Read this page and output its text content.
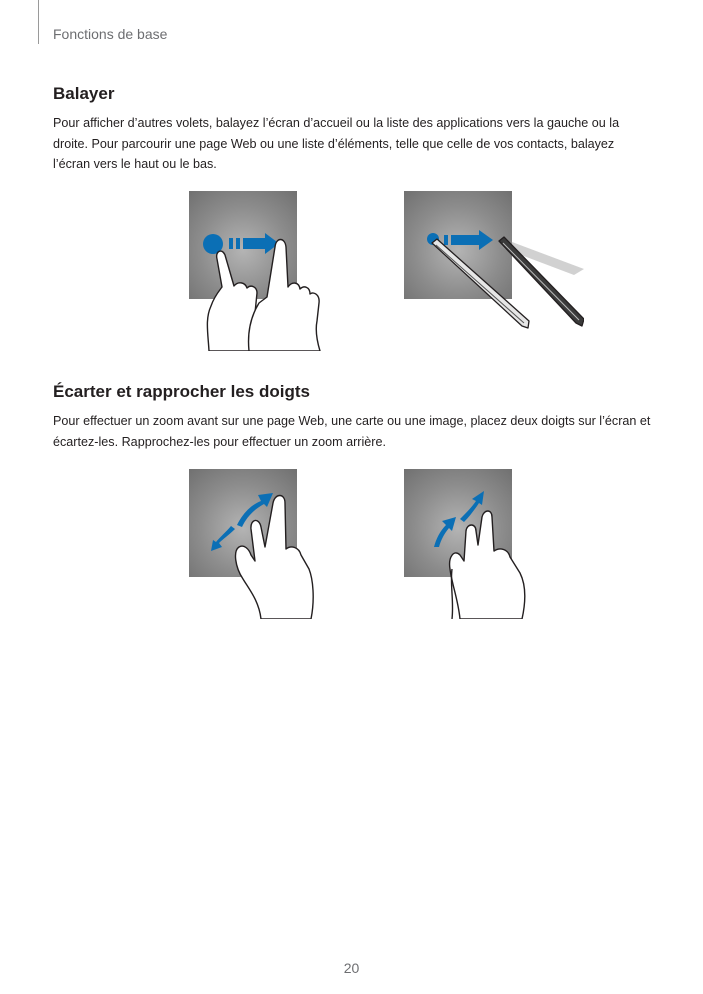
Fonctions de base
Balayer

Pour afficher d’autres volets, balayez l’écran d’accueil ou la liste des applications vers la gauche ou la droite. Pour parcourir une page Web ou une liste d’éléments, telle que celle de vos contacts, balayez l’écran vers le haut ou le bas.

Écarter et rapprocher les doigts

Pour effectuer un zoom avant sur une page Web, une carte ou une image, placez deux doigts sur l’écran et écartez-les. Rapprochez-les pour effectuer un zoom arrière.

20
